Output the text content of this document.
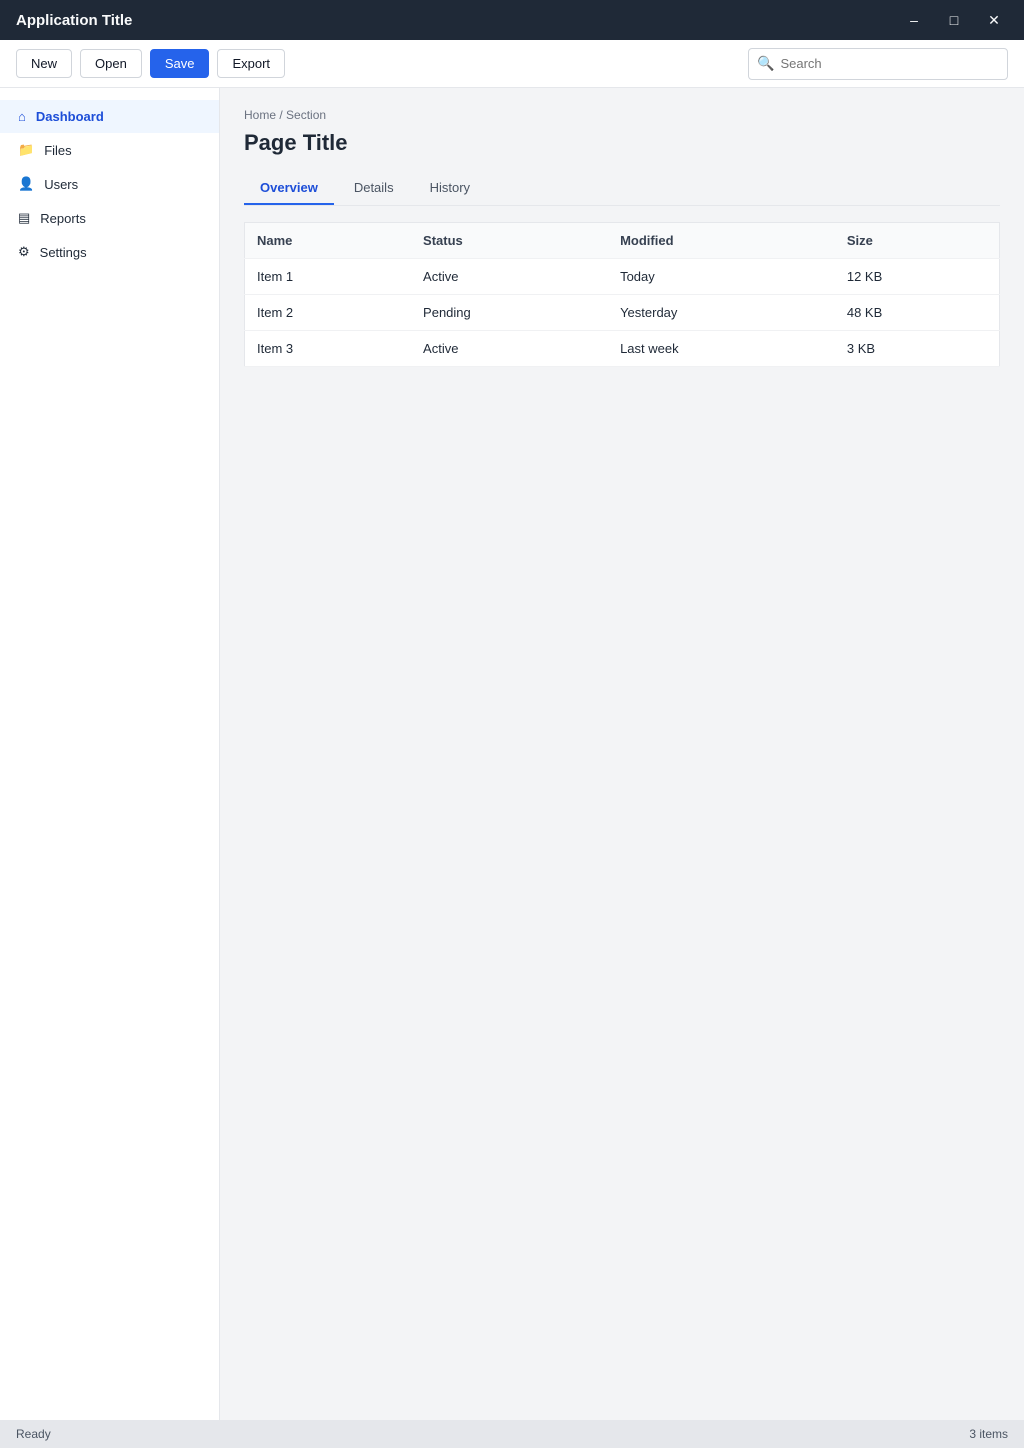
Application Title	–	□	✕
New	Open	Save	Export	🔍
Search
⌂ Dashboard
📁 Files
👤 Users
▤ Reports
⚙ Settings
Home / Section
Page Title
Overview	Details	History
Name	Status	Modified	Size
Item 1	Active	Today	12 KB
Item 2	Pending	Yesterday	48 KB
Item 3	Active	Last week	3 KB
Ready	3 items
